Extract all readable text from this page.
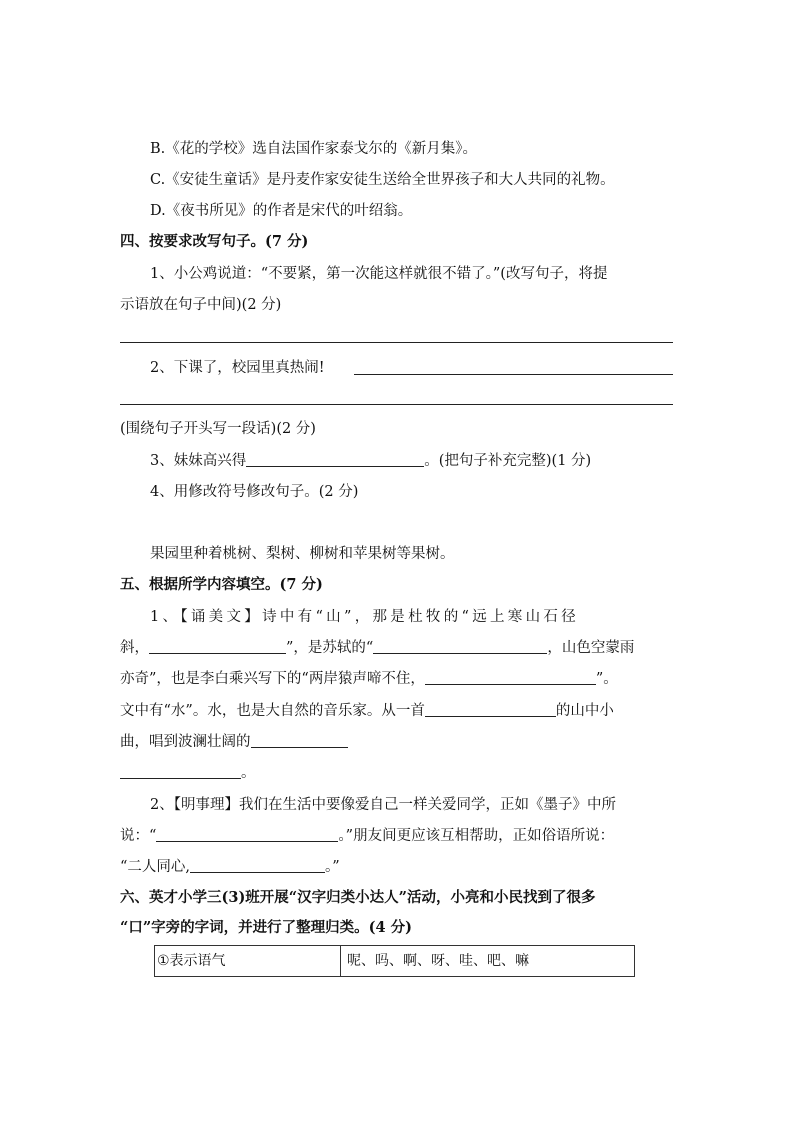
B.《花的学校》选自法国作家泰戈尔的《新月集》。
C.《安徒生童话》是丹麦作家安徒生送给全世界孩子和大人共同的礼物。
D.《夜书所见》的作者是宋代的叶绍翁。
四、按要求改写句子。(7 分)
1、小公鸡说道：“不要紧，第一次能这样就很不错了。”(改写句子，将提
示语放在句子中间)(2 分)
2、下课了，校园里真热闹!
(围绕句子开头写一段话)(2 分)
3、妹妹高兴得	。(把句子补充完整)(1 分)
4、用修改符号修改句子。(2 分)
果园里种着桃树、梨树、柳树和苹果树等果树。
五、根据所学内容填空。(7 分)
1、【诵美文】诗中有“山”，那是杜牧的“远上寒山石径
斜，	”，是苏轼的“	，山色空蒙雨
亦奇”，也是李白乘兴写下的“两岸猿声啼不住，	”。
文中有“水”。水，也是大自然的音乐家。从一首	的山中小
曲，唱到波澜壮阔的
。
2、【明事理】我们在生活中要像爱自己一样关爱同学，正如《墨子》中所
说：“	。”朋友间更应该互相帮助，正如俗语所说：
“二人同心,	。”
六、英才小学三(3)班开展“汉字归类小达人”活动，小亮和小民找到了很多
“口”字旁的字词，并进行了整理归类。(4 分)
①表示语气	呢、吗、啊、呀、哇、吧、嘛
